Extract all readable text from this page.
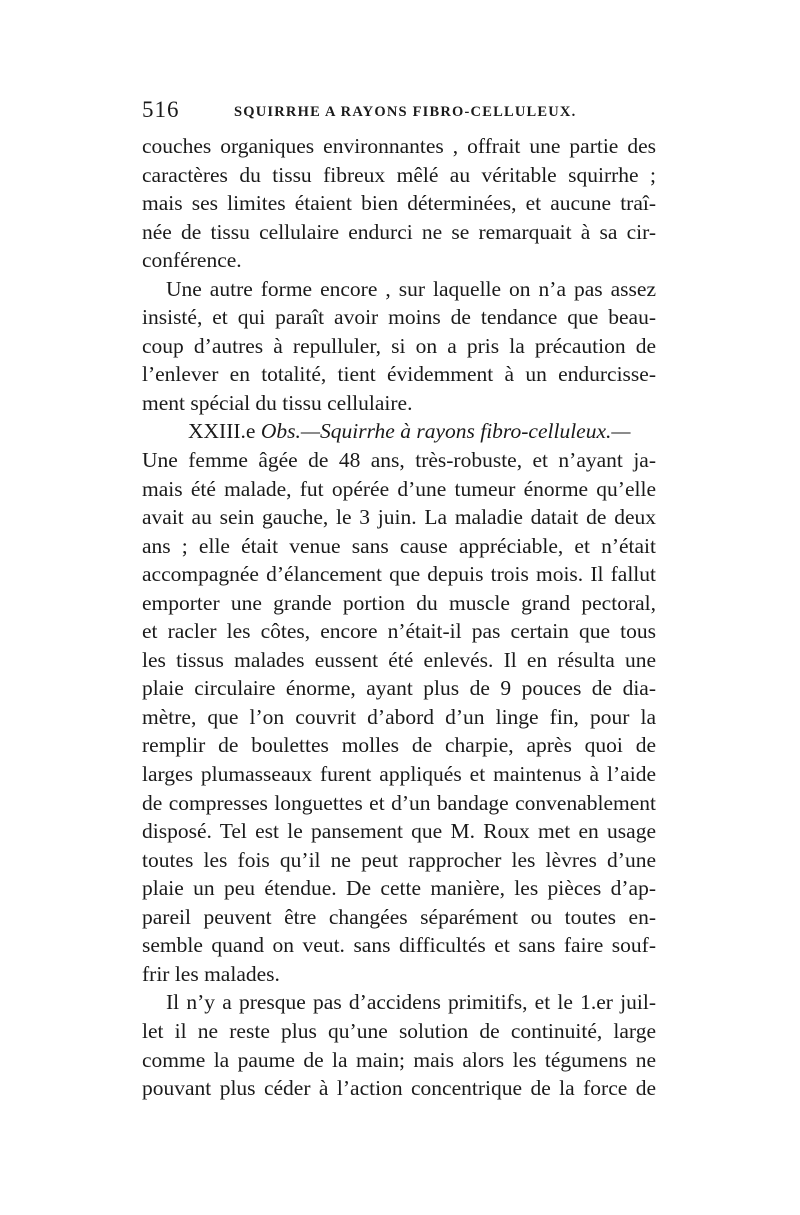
516	SQUIRRHE A RAYONS FIBRO-CELLULEUX.
couches organiques environnantes , offrait une partie des
caractères du tissu fibreux mêlé au véritable squirrhe ;
mais ses limites étaient bien déterminées, et aucune traî-
née de tissu cellulaire endurci ne se remarquait à sa cir-
conférence.
Une autre forme encore , sur laquelle on n’a pas assez
insisté, et qui paraît avoir moins de tendance que beau-
coup d’autres à repulluler, si on a pris la précaution de
l’enlever en totalité, tient évidemment à un endurcisse-
ment spécial du tissu cellulaire.
XXIII.e Obs.—Squirrhe à rayons fibro-celluleux.—
Une femme âgée de 48 ans, très-robuste, et n’ayant ja-
mais été malade, fut opérée d’une tumeur énorme qu’elle
avait au sein gauche, le 3 juin. La maladie datait de deux
ans ; elle était venue sans cause appréciable, et n’était
accompagnée d’élancement que depuis trois mois. Il fallut
emporter une grande portion du muscle grand pectoral,
et racler les côtes, encore n’était-il pas certain que tous
les tissus malades eussent été enlevés. Il en résulta une
plaie circulaire énorme, ayant plus de 9 pouces de dia-
mètre, que l’on couvrit d’abord d’un linge fin, pour la
remplir de boulettes molles de charpie, après quoi de
larges plumasseaux furent appliqués et maintenus à l’aide
de compresses longuettes et d’un bandage convenablement
disposé. Tel est le pansement que M. Roux met en usage
toutes les fois qu’il ne peut rapprocher les lèvres d’une
plaie un peu étendue. De cette manière, les pièces d’ap-
pareil peuvent être changées séparément ou toutes en-
semble quand on veut. sans difficultés et sans faire souf-
frir les malades.
Il n’y a presque pas d’accidens primitifs, et le 1.er juil-
let il ne reste plus qu’une solution de continuité, large
comme la paume de la main; mais alors les tégumens ne
pouvant plus céder à l’action concentrique de la force de
